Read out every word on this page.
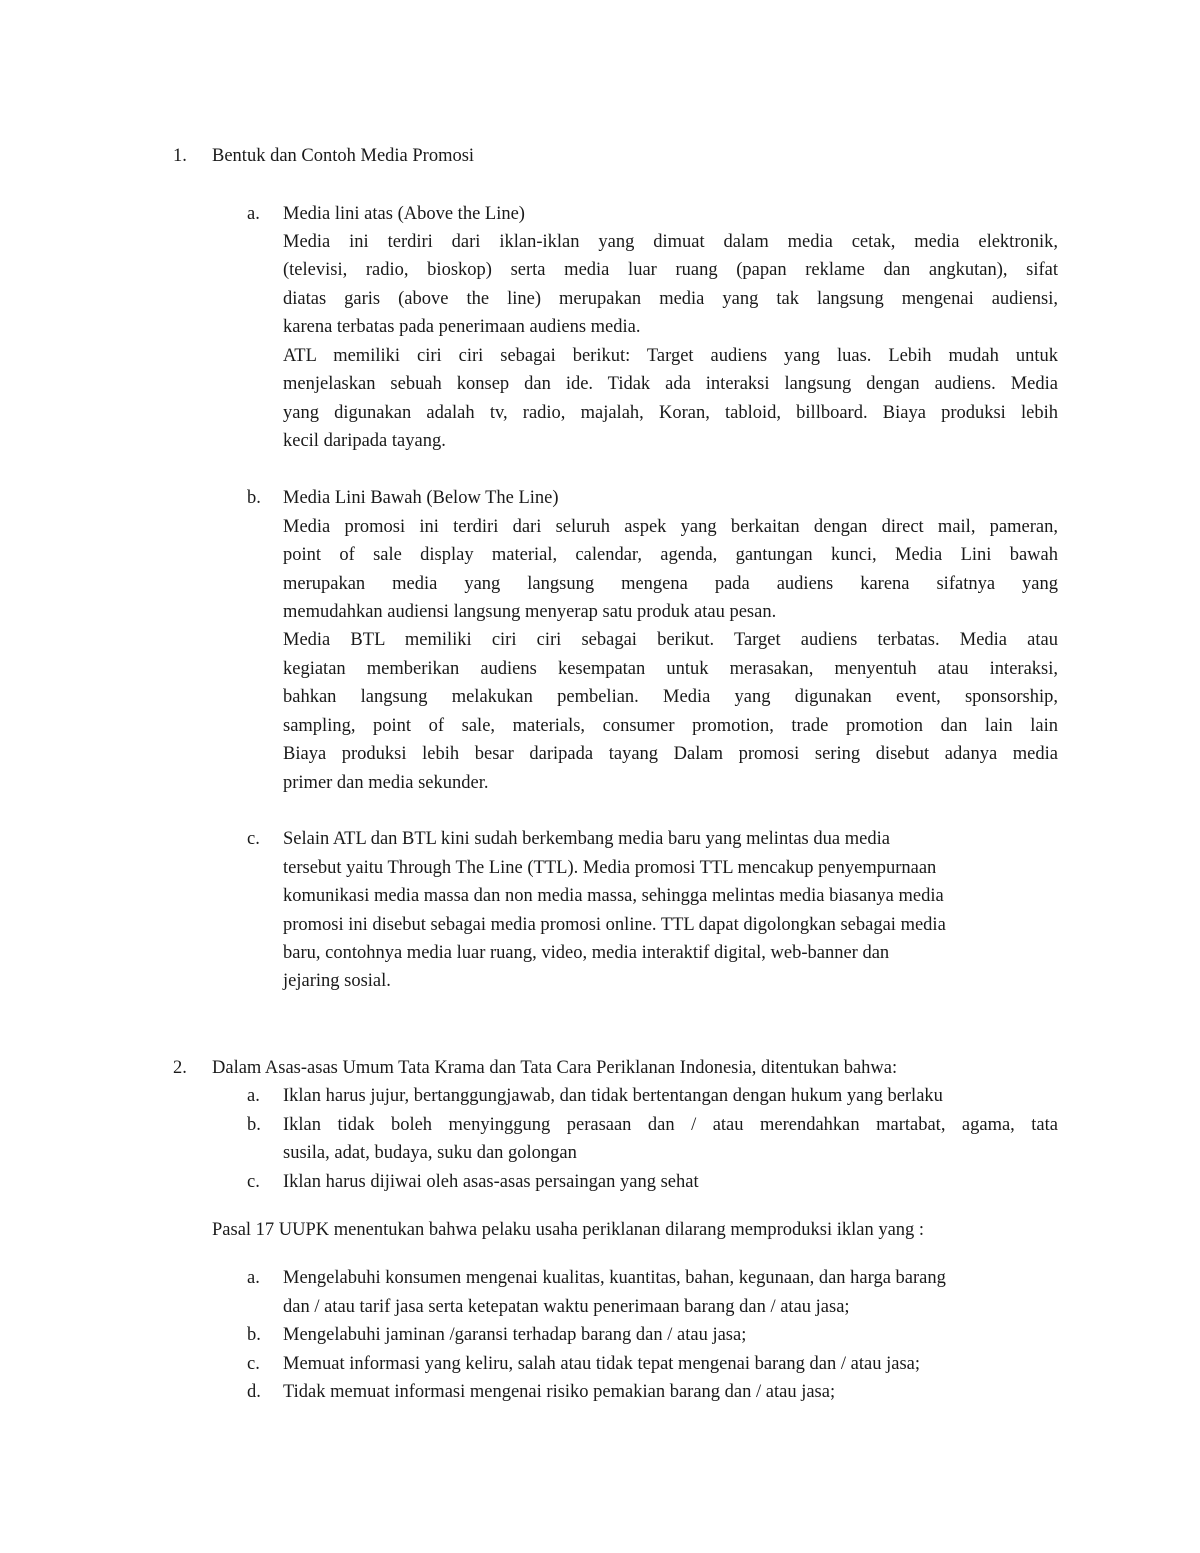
1. Bentuk dan Contoh Media Promosi
a. Media lini atas (Above the Line)
Media ini terdiri dari iklan-iklan yang dimuat dalam media cetak, media elektronik,
(televisi, radio, bioskop) serta media luar ruang (papan reklame dan angkutan), sifat
diatas garis (above the line) merupakan media yang tak langsung mengenai audiensi,
karena terbatas pada penerimaan audiens media.
ATL memiliki ciri ciri sebagai berikut: Target audiens yang luas. Lebih mudah untuk
menjelaskan sebuah konsep dan ide. Tidak ada interaksi langsung dengan audiens. Media
yang digunakan adalah tv, radio, majalah, Koran, tabloid, billboard. Biaya produksi lebih
kecil daripada tayang.
b. Media Lini Bawah (Below The Line)
Media promosi ini terdiri dari seluruh aspek yang berkaitan dengan direct mail, pameran,
point of sale display material, calendar, agenda, gantungan kunci, Media Lini bawah
merupakan media yang langsung mengena pada audiens karena sifatnya yang
memudahkan audiensi langsung menyerap satu produk atau pesan.
Media BTL memiliki ciri ciri sebagai berikut. Target audiens terbatas. Media atau
kegiatan memberikan audiens kesempatan untuk merasakan, menyentuh atau interaksi,
bahkan langsung melakukan pembelian. Media yang digunakan event, sponsorship,
sampling, point of sale, materials, consumer promotion, trade promotion dan lain lain
Biaya produksi lebih besar daripada tayang Dalam promosi sering disebut adanya media
primer dan media sekunder.
c. Selain ATL dan BTL kini sudah berkembang media baru yang melintas dua media
tersebut yaitu Through The Line (TTL). Media promosi TTL mencakup penyempurnaan
komunikasi media massa dan non media massa, sehingga melintas media biasanya media
promosi ini disebut sebagai media promosi online. TTL dapat digolongkan sebagai media
baru, contohnya media luar ruang, video, media interaktif digital, web-banner dan
jejaring sosial.
2. Dalam Asas-asas Umum Tata Krama dan Tata Cara Periklanan Indonesia, ditentukan bahwa:
a. Iklan harus jujur, bertanggungjawab, dan tidak bertentangan dengan hukum yang berlaku
b. Iklan tidak boleh menyinggung perasaan dan / atau merendahkan martabat, agama, tata
susila, adat, budaya, suku dan golongan
c. Iklan harus dijiwai oleh asas-asas persaingan yang sehat
Pasal 17 UUPK menentukan bahwa pelaku usaha periklanan dilarang memproduksi iklan yang :
a. Mengelabuhi konsumen mengenai kualitas, kuantitas, bahan, kegunaan, dan harga barang
dan / atau tarif jasa serta ketepatan waktu penerimaan barang dan / atau jasa;
b. Mengelabuhi jaminan /garansi terhadap barang dan / atau jasa;
c. Memuat informasi yang keliru, salah atau tidak tepat mengenai barang dan / atau jasa;
d. Tidak memuat informasi mengenai risiko pemakian barang dan / atau jasa;
